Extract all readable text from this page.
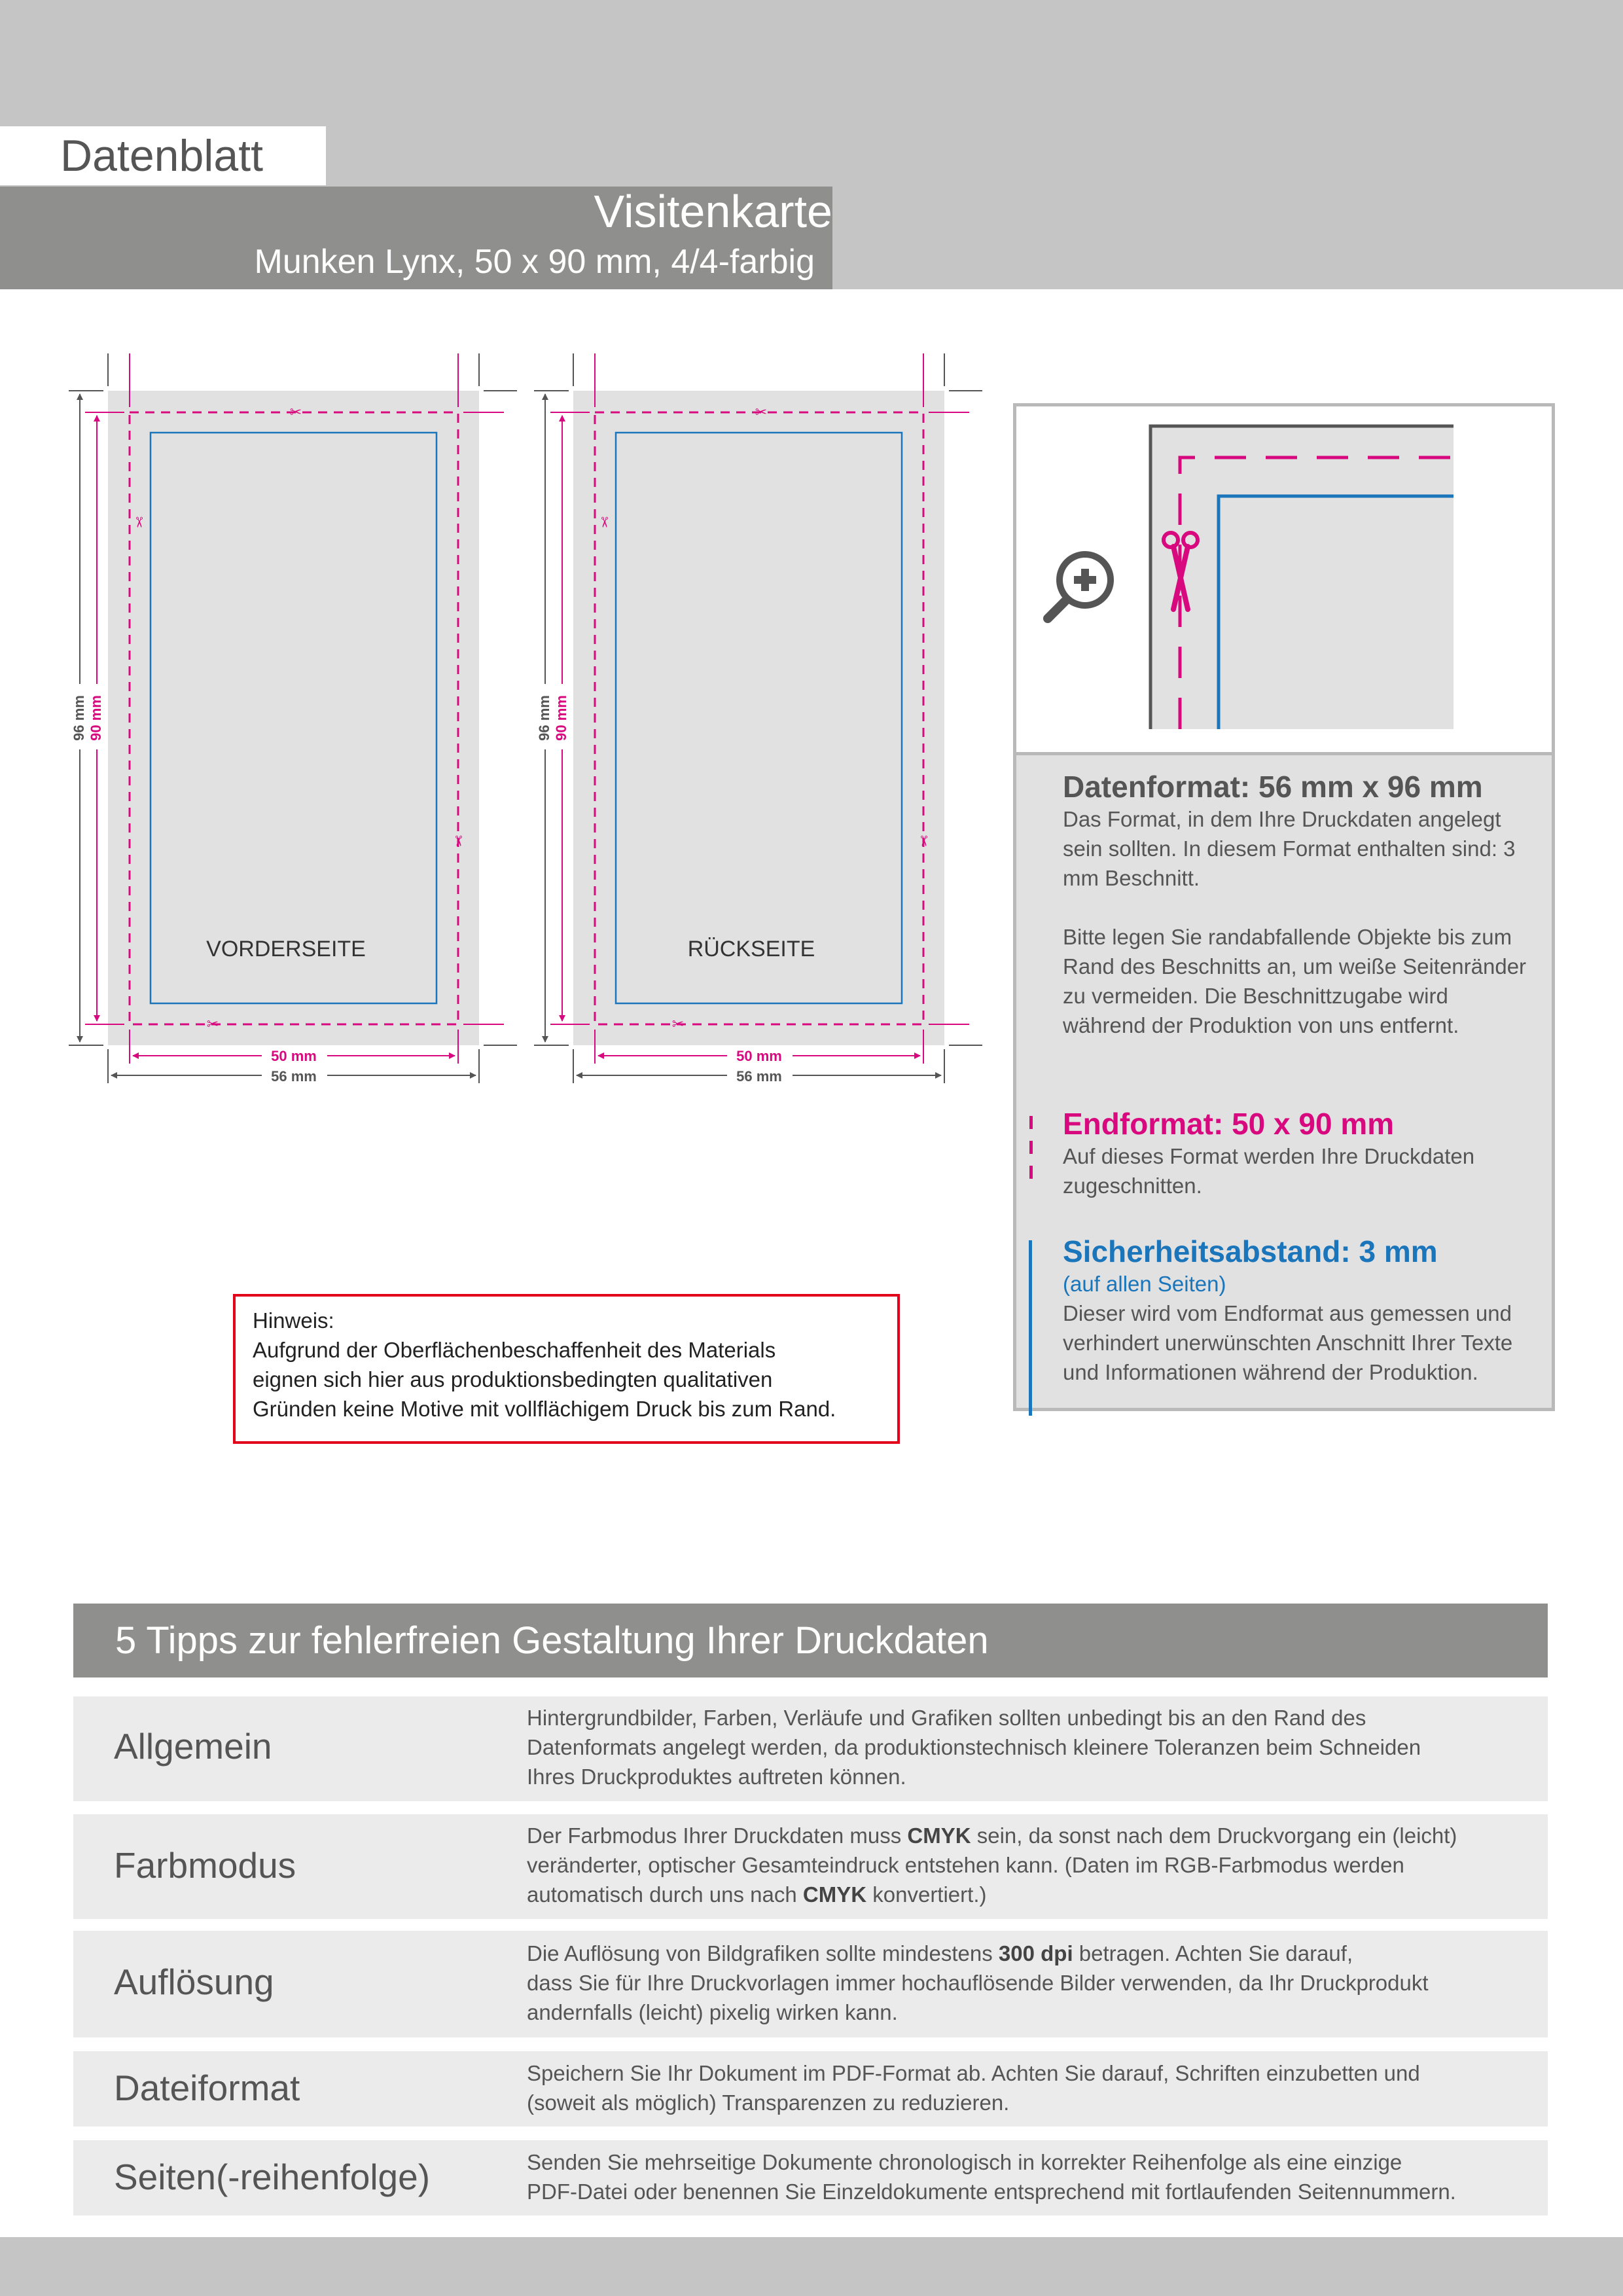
Datenblatt
Visitenkarte
Munken Lynx, 50 x 90 mm, 4/4-farbig
VORDERSEITE
✂
✂
✂
✂
96 mm 90 mm
50 mm
56 mm
RÜCKSEITE
✂
✂
✂
✂
96 mm 90 mm
50 mm
56 mm
Datenformat: 56 mm x 96 mm
Das Format, in dem Ihre Druckdaten angelegt sein sollten. In diesem Format enthalten sind: 3 mm Beschnitt.
Bitte legen Sie randabfallende Objekte bis zum Rand des Beschnitts an, um weiße Seitenränder zu vermeiden. Die Beschnittzugabe wird während der Produktion von uns entfernt.
Endformat: 50 x 90 mm
Auf dieses Format werden Ihre Druckdaten zugeschnitten.
Sicherheitsabstand: 3 mm
(auf allen Seiten)
Dieser wird vom Endformat aus gemessen und verhindert unerwünschten Anschnitt Ihrer Texte und Informationen während der Produktion.
Hinweis:
Aufgrund der Oberflächenbeschaffenheit des Materials
eignen sich hier aus produktionsbedingten qualitativen
Gründen keine Motive mit vollflächigem Druck bis zum Rand.
5 Tipps zur fehlerfreien Gestaltung Ihrer Druckdaten
Allgemein
Hintergrundbilder, Farben, Verläufe und Grafiken sollten unbedingt bis an den Rand des
Datenformats angelegt werden, da produktionstechnisch kleinere Toleranzen beim Schneiden
Ihres Druckproduktes auftreten können.
Farbmodus
Der Farbmodus Ihrer Druckdaten muss CMYK sein, da sonst nach dem Druckvorgang ein (leicht)
veränderter, optischer Gesamteindruck entstehen kann. (Daten im RGB-Farbmodus werden
automatisch durch uns nach CMYK konvertiert.)
Auflösung
Die Auflösung von Bildgrafiken sollte mindestens 300 dpi betragen. Achten Sie darauf,
dass Sie für Ihre Druckvorlagen immer hochauflösende Bilder verwenden, da Ihr Druckprodukt
andernfalls (leicht) pixelig wirken kann.
Dateiformat	Speichern Sie Ihr Dokument im PDF-Format ab. Achten Sie darauf, Schriften einzubetten und
(soweit als möglich) Transparenzen zu reduzieren.
Seiten(-reihenfolge)	Senden Sie mehrseitige Dokumente chronologisch in korrekter Reihenfolge als eine einzige
PDF-Datei oder benennen Sie Einzeldokumente entsprechend mit fortlaufenden Seitennummern.
